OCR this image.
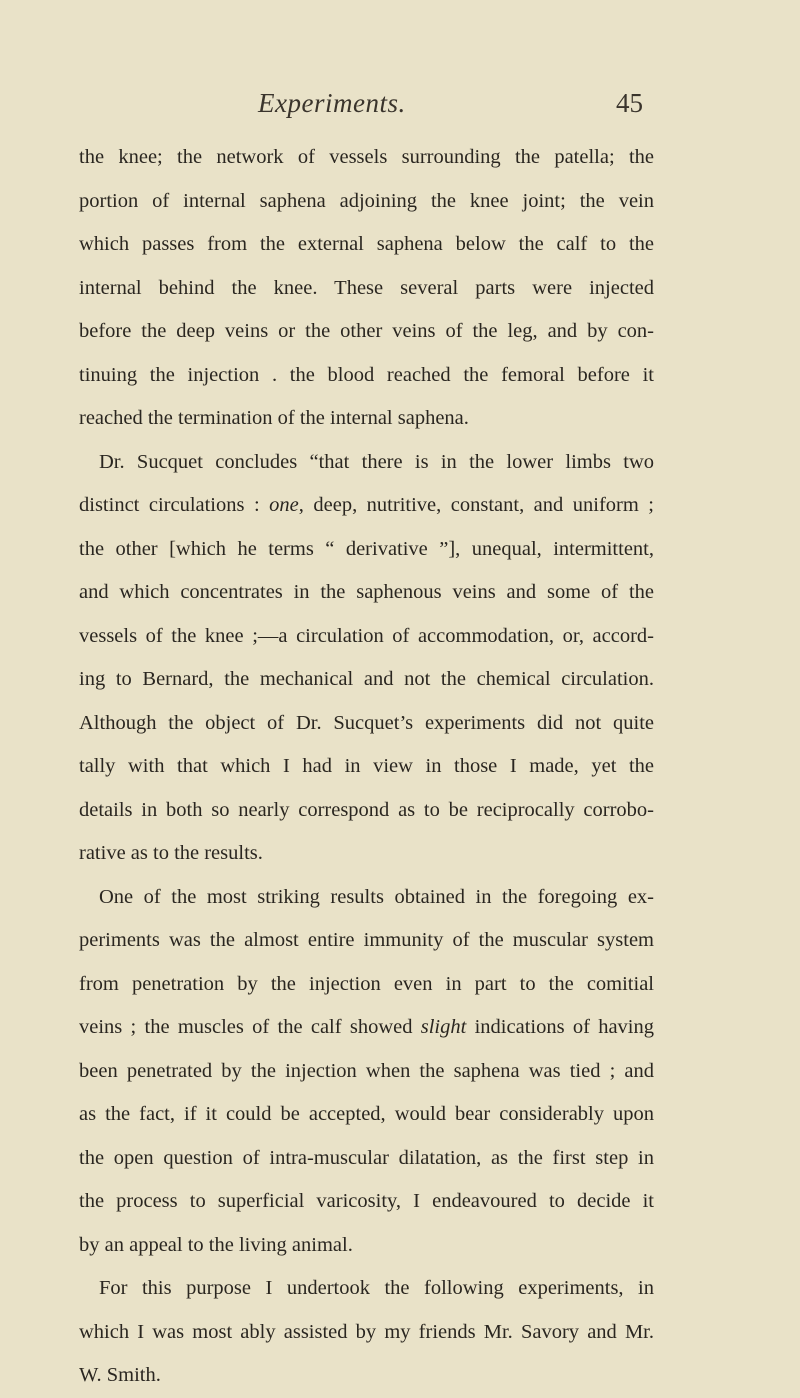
Experiments.	45
the knee; the network of vessels surrounding the patella; the
portion of internal saphena adjoining the knee joint; the vein
which passes from the external saphena below the calf to the
internal behind the knee. These several parts were injected
before the deep veins or the other veins of the leg, and by con-
tinuing the injection . the blood reached the femoral before it
reached the termination of the internal saphena.
Dr. Sucquet concludes “that there is in the lower limbs two
distinct circulations : one, deep, nutritive, constant, and uniform ;
the other [which he terms “ derivative ”], unequal, intermittent,
and which concentrates in the saphenous veins and some of the
vessels of the knee ;—a circulation of accommodation, or, accord-
ing to Bernard, the mechanical and not the chemical circulation.
Although the object of Dr. Sucquet’s experiments did not quite
tally with that which I had in view in those I made, yet the
details in both so nearly correspond as to be reciprocally corrobo-
rative as to the results.
One of the most striking results obtained in the foregoing ex-
periments was the almost entire immunity of the muscular system
from penetration by the injection even in part to the comitial
veins ; the muscles of the calf showed slight indications of having
been penetrated by the injection when the saphena was tied ; and
as the fact, if it could be accepted, would bear considerably upon
the open question of intra-muscular dilatation, as the first step in
the process to superficial varicosity, I endeavoured to decide it
by an appeal to the living animal.
For this purpose I undertook the following experiments, in
which I was most ably assisted by my friends Mr. Savory and Mr.
W. Smith.
